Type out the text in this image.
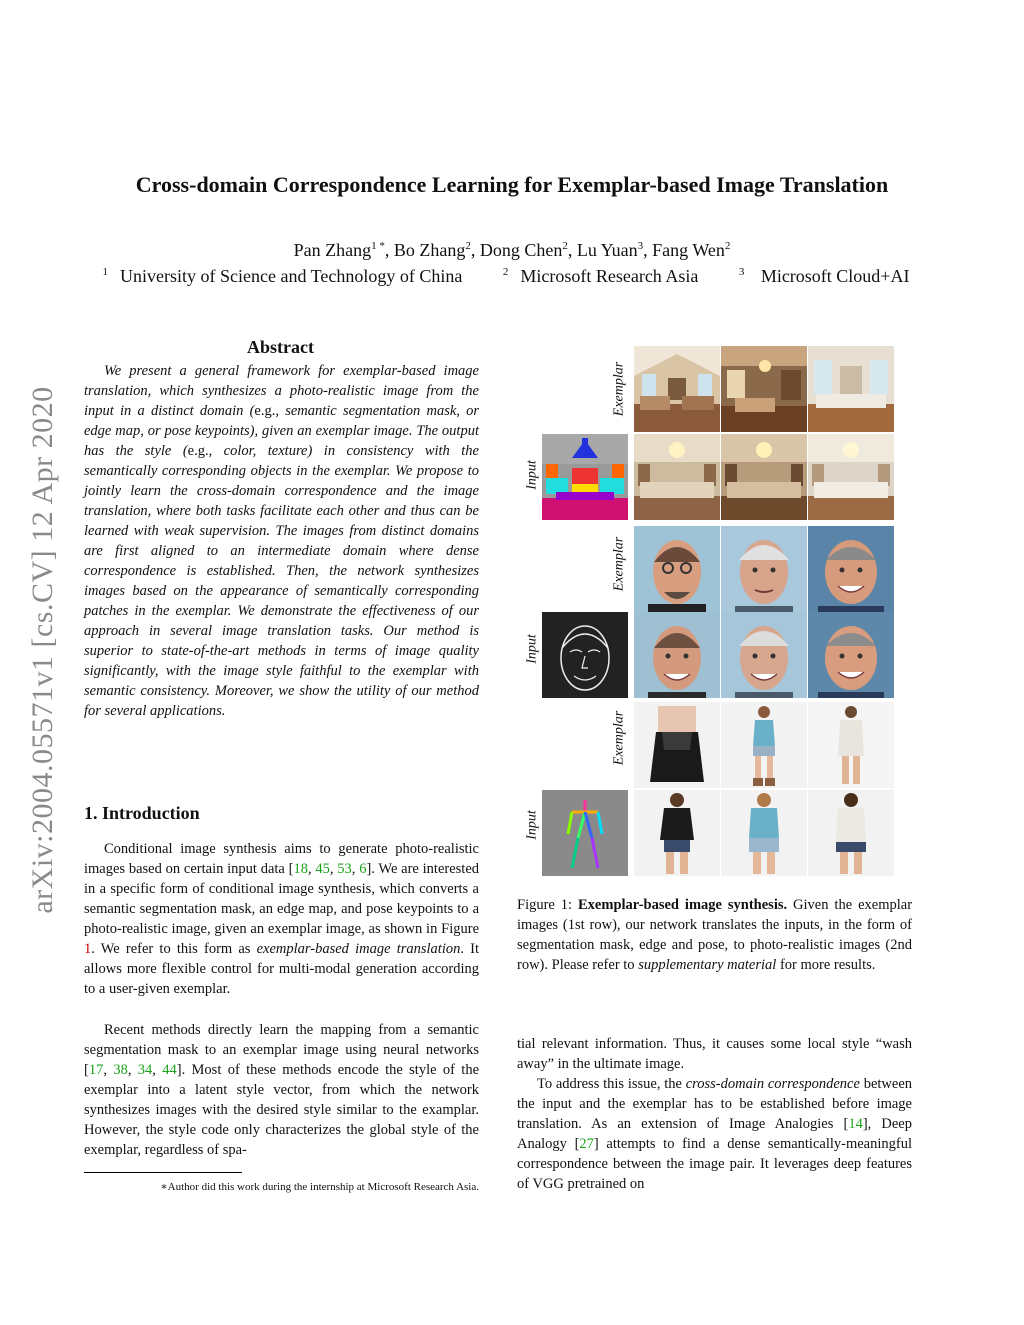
arXiv:2004.05571v1 [cs.CV] 12 Apr 2020
Cross-domain Correspondence Learning for Exemplar-based Image Translation
Pan Zhang$^1$ *, Bo Zhang$^2$, Dong Chen$^2$, Lu Yuan$^3$, Fang Wen$^2$
$^1$ University of Science and Technology of China	$^2$ Microsoft Research Asia	$^3$ Microsoft Cloud+AI
Abstract

We present a general framework for exemplar-based image translation, which synthesizes a photo-realistic image from the input in a distinct domain (e.g., semantic segmentation mask, or edge map, or pose keypoints), given an exemplar image. The output has the style (e.g., color, texture) in consistency with the semantically corresponding objects in the exemplar. We propose to jointly learn the cross-domain correspondence and the image translation, where both tasks facilitate each other and thus can be learned with weak supervision. The images from distinct domains are first aligned to an intermediate domain where dense correspondence is established. Then, the network synthesizes images based on the appearance of semantically corresponding patches in the exemplar. We demonstrate the effectiveness of our approach in several image translation tasks. Our method is superior to state-of-the-art methods in terms of image quality significantly, with the image style faithful to the exemplar with semantic consistency. Moreover, we show the utility of our method for several applications.

1. Introduction

Conditional image synthesis aims to generate photo-realistic images based on certain input data [18, 45, 53, 6]. We are interested in a specific form of conditional image synthesis, which converts a semantic segmentation mask, an edge map, and pose keypoints to a photo-realistic image, given an exemplar image, as shown in Figure 1. We refer to this form as exemplar-based image translation. It allows more flexible control for multi-modal generation according to a user-given exemplar.

Recent methods directly learn the mapping from a semantic segmentation mask to an exemplar image using neural networks [17, 38, 34, 44]. Most of these methods encode the style of the exemplar into a latent style vector, from which the network synthesizes images with the desired style similar to the examplar. However, the style code only characterizes the global style of the exemplar, regardless of spa-

tial relevant information. Thus, it causes some local style “wash away” in the ultimate image.

To address this issue, the cross-domain correspondence between the input and the exemplar has to be established before image translation. As an extension of Image Analogies [14], Deep Analogy [27] attempts to find a dense semantically-meaningful correspondence between the image pair. It leverages deep features of VGG pretrained on

∗Author did this work during the internship at Microsoft Research Asia.
Exemplar
Input
Exemplar
Input
Exemplar
Input
Figure 1: Exemplar-based image synthesis. Given the exemplar images (1st row), our network translates the inputs, in the form of segmentation mask, edge and pose, to photo-realistic images (2nd row). Please refer to supplementary material for more results.
